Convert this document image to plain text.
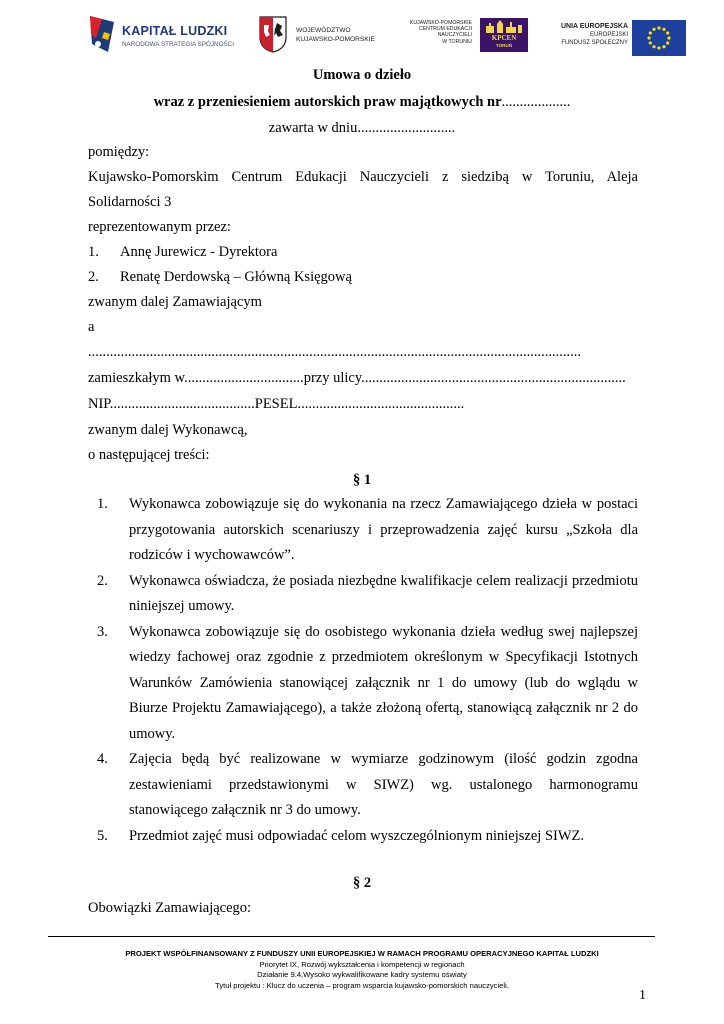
KAPITAŁ LUDZKI
NARODOWA STRATEGIA SPÓJNOŚCI
WOJEWÓDZTWO
KUJAWSKO-POMORSKIE
KUJAWSKO-POMORSKIE
CENTRUM EDUKACJI
NAUCZYCIELI
W TORUNIU	KPCEN
TORUŃ
UNIA EUROPEJSKA
EUROPEJSKI
FUNDUSZ SPOŁECZNY
Umowa o dzieło
wraz z przeniesieniem autorskich praw majątkowych nr...................
zawarta w dniu...........................
pomiędzy:
Kujawsko-Pomorskim Centrum Edukacji Nauczycieli z siedzibą w Toruniu, Aleja Solidarności 3
reprezentowanym przez:
1. Annę Jurewicz - Dyrektora
2. Renatę Derdowską – Główną Księgową
zwanym dalej Zamawiającym
a
........................................................................................................................................
zamieszkałym w.................................przy ulicy.........................................................................
NIP........................................PESEL..............................................
zwanym dalej Wykonawcą,
o następującej treści:
§ 1
1. Wykonawca zobowiązuje się do wykonania na rzecz Zamawiającego dzieła w postaci przygotowania autorskich scenariuszy i przeprowadzenia zajęć kursu „Szkoła dla rodziców i wychowawców”.
2. Wykonawca oświadcza, że posiada niezbędne kwalifikacje celem realizacji przedmiotu niniejszej umowy.
3. Wykonawca zobowiązuje się do osobistego wykonania dzieła według swej najlepszej wiedzy fachowej oraz zgodnie z przedmiotem określonym w Specyfikacji Istotnych Warunków Zamówienia stanowiącej załącznik nr 1 do umowy (lub do wglądu w Biurze Projektu Zamawiającego), a także złożoną ofertą, stanowiącą załącznik nr 2 do umowy.
4. Zajęcia będą być realizowane w wymiarze godzinowym (ilość godzin zgodna zestawieniami przedstawionymi w SIWZ) wg. ustalonego harmonogramu stanowiącego załącznik nr 3 do umowy.
5. Przedmiot zajęć musi odpowiadać celom wyszczególnionym niniejszej SIWZ.
§ 2
Obowiązki Zamawiającego:
PROJEKT WSPÓŁFINANSOWANY Z FUNDUSZY UNII EUROPEJSKIEJ W RAMACH PROGRAMU OPERACYJNEGO KAPITAŁ LUDZKI
Priorytet IX, Rozwój wykształcenia i kompetencji w regionach
Działanie 9.4,Wysoko wykwalifikowane kadry systemu oświaty
Tytuł projektu : Klucz do uczenia – program wsparcia kujawsko-pomorskich nauczycieli.
1
